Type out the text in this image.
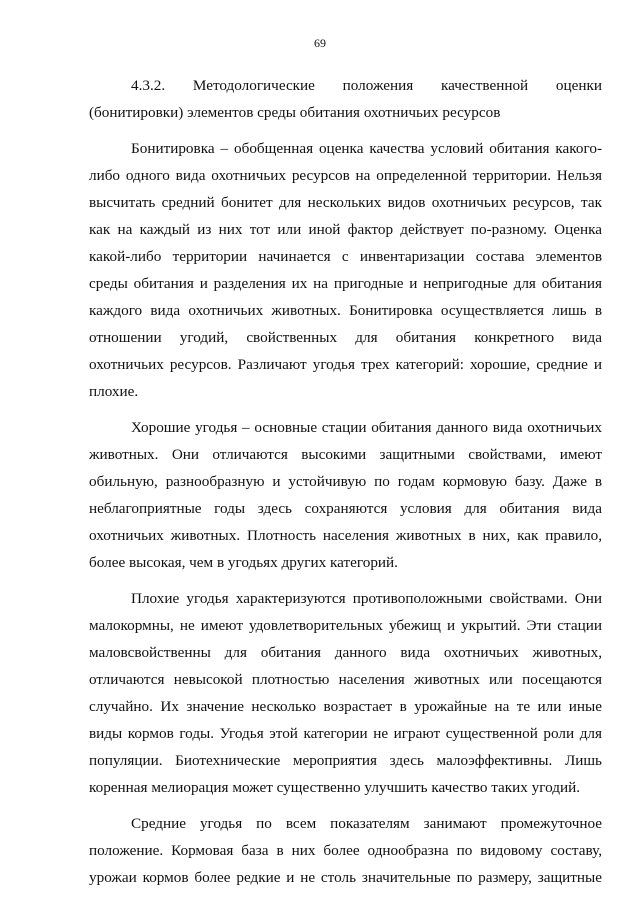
69
4.3.2. Методологические положения качественной оценки
(бонитировки) элементов среды обитания охотничьих ресурсов
Бонитировка – обобщенная оценка качества условий обитания какого-
либо одного вида охотничьих ресурсов на определенной территории. Нельзя
высчитать средний бонитет для нескольких видов охотничьих ресурсов, так
как на каждый из них тот или иной фактор действует по-разному. Оценка
какой-либо территории начинается с инвентаризации состава элементов
среды обитания и разделения их на пригодные и непригодные для обитания
каждого вида охотничьих животных. Бонитировка осуществляется лишь в
отношении угодий, свойственных для обитания конкретного вида
охотничьих ресурсов. Различают угодья трех категорий: хорошие, средние и
плохие.
Хорошие угодья – основные стации обитания данного вида охотничьих
животных. Они отличаются высокими защитными свойствами, имеют
обильную, разнообразную и устойчивую по годам кормовую базу. Даже в
неблагоприятные годы здесь сохраняются условия для обитания вида
охотничьих животных. Плотность населения животных в них, как правило,
более высокая, чем в угодьях других категорий.
Плохие угодья характеризуются противоположными свойствами. Они
малокормны, не имеют удовлетворительных убежищ и укрытий. Эти стации
маловсвойственны для обитания данного вида охотничьих животных,
отличаются невысокой плотностью населения животных или посещаются
случайно. Их значение несколько возрастает в урожайные на те или иные
виды кормов годы. Угодья этой категории не играют существенной роли для
популяции. Биотехнические мероприятия здесь малоэффективны. Лишь
коренная мелиорация может существенно улучшить качество таких угодий.
Средние угодья по всем показателям занимают промежуточное
положение. Кормовая база в них более однообразна по видовому составу,
урожаи кормов более редкие и не столь значительные по размеру, защитные
